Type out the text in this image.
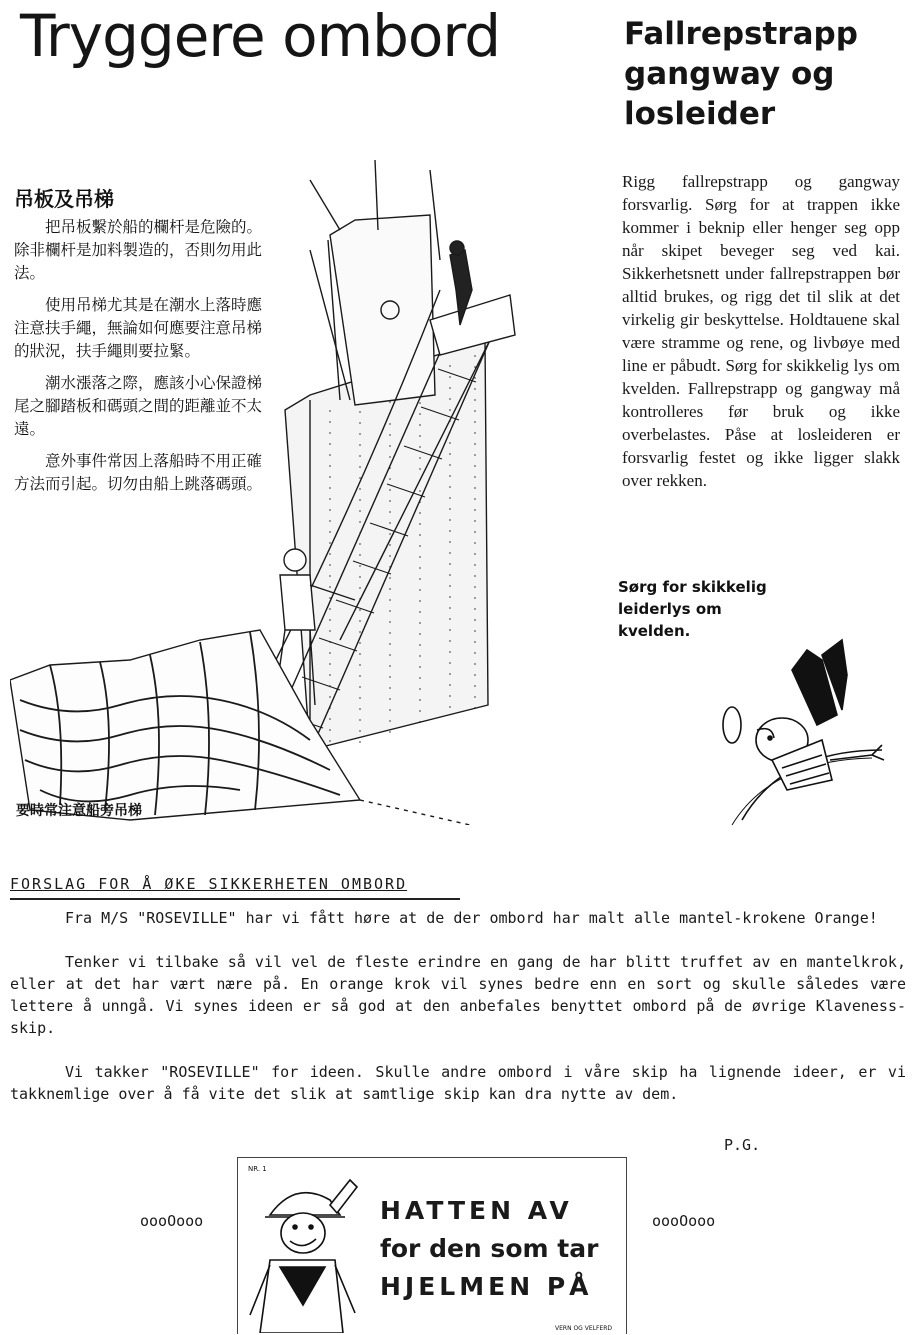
Tryggere ombord	Fallrepstrapp
gangway og
losleider
Rigg fallrepstrapp og gangway forsvarlig. Sørg for at trappen ikke kommer i beknip eller henger seg opp når skipet beveger seg ved kai. Sikkerhetsnett under fallrepstrappen bør alltid brukes, og rigg det til slik at det virkelig gir beskyttelse. Holdtauene skal være stramme og rene, og livbøye med line er påbudt. Sørg for skikkelig lys om kvelden. Fallrepstrapp og gangway må kontrolleres før bruk og ikke overbelastes. Påse at losleideren er forsvarlig festet og ikke ligger slakk over rekken.
Sørg for skikkelig
leiderlys om
kvelden.
吊板及吊梯

把吊板繫於船的欄杆是危險的。除非欄杆是加料製造的，否則勿用此法。

使用吊梯尤其是在潮水上落時應注意扶手繩，無論如何應要注意吊梯的狀況，扶手繩則要拉緊。

潮水漲落之際，應該小心保證梯尾之腳踏板和碼頭之間的距離並不太遠。

意外事件常因上落船時不用正確方法而引起。切勿由船上跳落碼頭。

要時常注意船旁吊梯
FORSLAG FOR Å ØKE SIKKERHETEN OMBORD

Fra M/S "ROSEVILLE" har vi fått høre at de der ombord har malt alle mantel-krokene Orange!

Tenker vi tilbake så vil vel de fleste erindre en gang de har blitt truffet av en mantelkrok, eller at det har vært nære på. En orange krok vil synes bedre enn en sort og skulle således være lettere å unngå. Vi synes ideen er så god at den anbefales benyttet ombord på de øvrige Klaveness-skip.

Vi takker "ROSEVILLE" for ideen. Skulle andre ombord i våre skip ha lignende ideer, er vi takknemlige over å få vite det slik at samtlige skip kan dra nytte av dem.

P.G.
oooOooo	oooOooo
NR. 1
HATTEN AV
for den som tar
HJELMEN PÅ
VERN OG VELFERD
